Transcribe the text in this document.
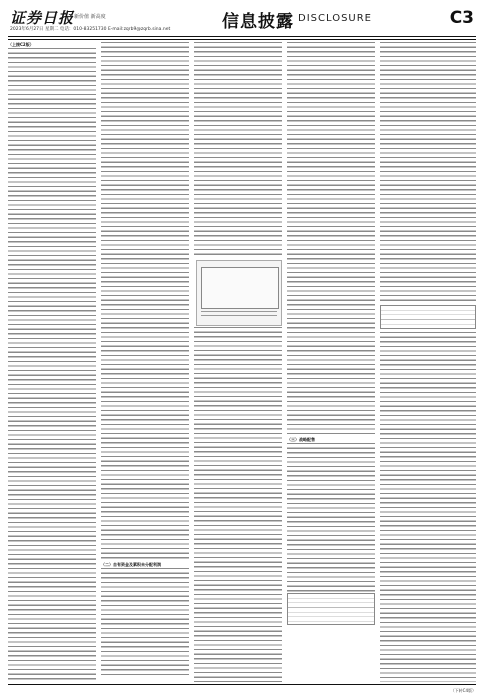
证券日报 新价值 新高度
2023年6月27日 星期二 电话：010-83251730 E-mail:zqrb9@zqrb.sina.net	信息披露 DISCLOSURE	C3

（上接C2版）

（二）自有资金及累积未分配利润

（三）战略配售

（下转C4版）
